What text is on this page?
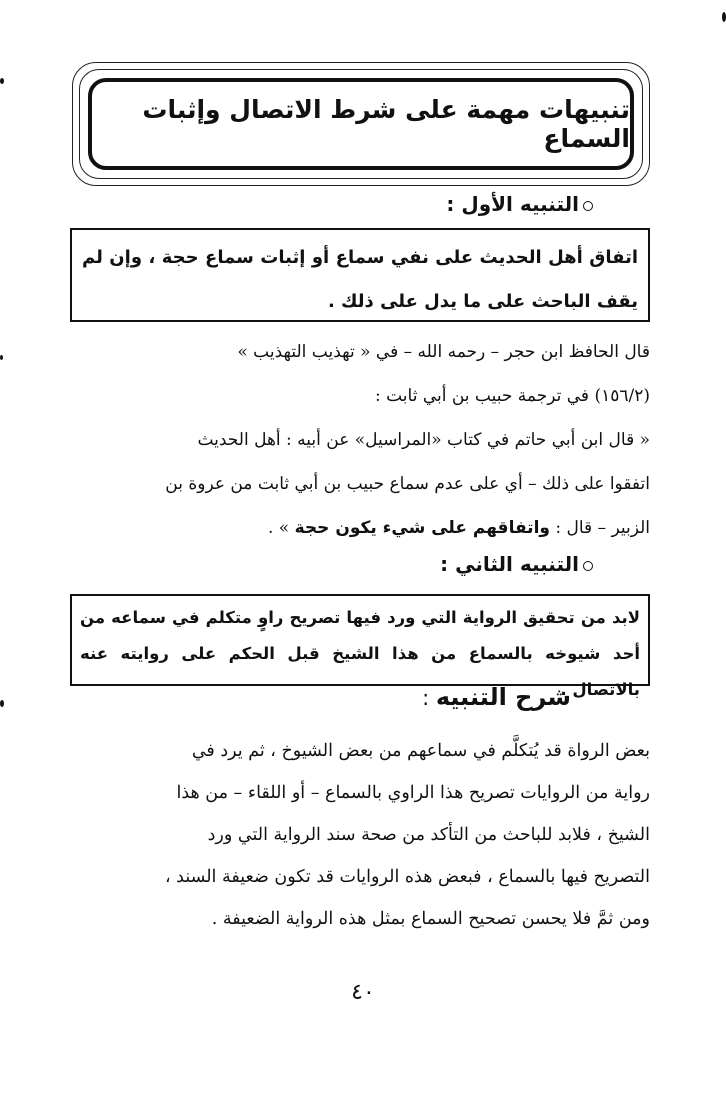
تنبيهات مهمة على شرط الاتصال وإثبات السماع
التنبيه الأول :
اتفاق أهل الحديث على نفي سماع أو إثبات سماع حجة ، وإن لم يقف الباحث على ما يدل على ذلك .
قال الحافظ ابن حجر – رحمه الله – في « تهذيب التهذيب »
(١٥٦/٢) في ترجمة حبيب بن أبي ثابت :
« قال ابن أبي حاتم في كتاب «المراسيل» عن أبيه : أهل الحديث
اتفقوا على ذلك – أي على عدم سماع حبيب بن أبي ثابت من عروة بن
الزبير – قال : واتفاقهم على شيء يكون حجة » .
التنبيه الثاني :
لابد من تحقيق الرواية التي ورد فيها تصريح راوٍ متكلم في سماعه من أحد شيوخه بالسماع من هذا الشيخ قبل الحكم على روايته عنه بالاتصال .
شرح التنبيه :
بعض الرواة قد يُتكلَّم في سماعهم من بعض الشيوخ ، ثم يرد في
رواية من الروايات تصريح هذا الراوي بالسماع – أو اللقاء – من هذا
الشيخ ، فلابد للباحث من التأكد من صحة سند الرواية التي ورد
التصريح فيها بالسماع ، فبعض هذه الروايات قد تكون ضعيفة السند ،
ومن ثمَّ فلا يحسن تصحيح السماع بمثل هذه الرواية الضعيفة .
٤٠
